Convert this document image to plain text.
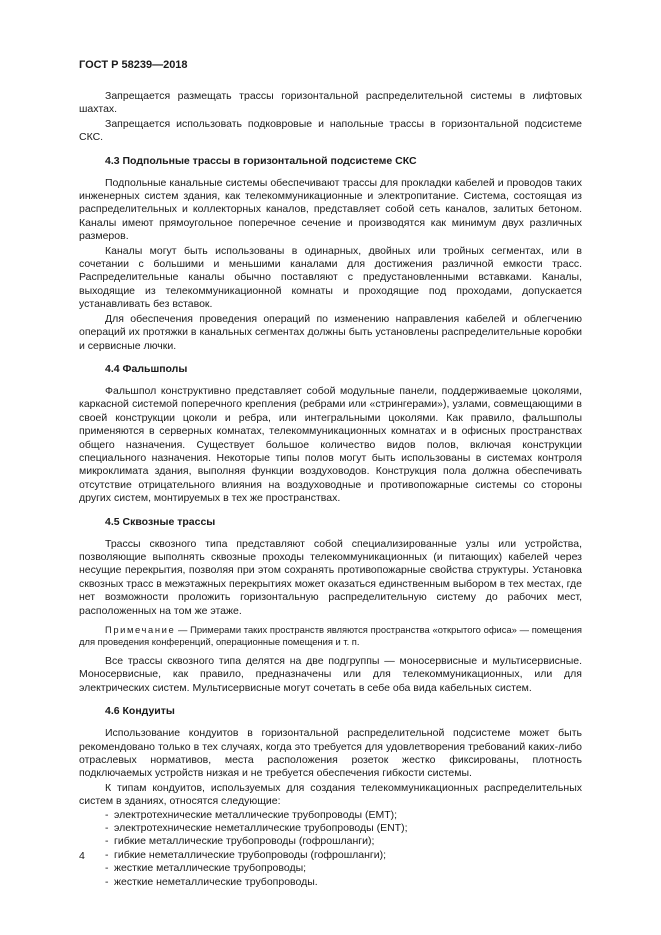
ГОСТ Р 58239—2018

Запрещается размещать трассы горизонтальной распределительной системы в лифтовых шахтах.

Запрещается использовать подковровые и напольные трассы в горизонтальной подсистеме СКС.

4.3 Подпольные трассы в горизонтальной подсистеме СКС

Подпольные канальные системы обеспечивают трассы для прокладки кабелей и проводов таких инженерных систем здания, как телекоммуникационные и электропитание. Система, состоящая из распределительных и коллекторных каналов, представляет собой сеть каналов, залитых бетоном. Каналы имеют прямоугольное поперечное сечение и производятся как минимум двух различных размеров.

Каналы могут быть использованы в одинарных, двойных или тройных сегментах, или в сочетании с большими и меньшими каналами для достижения различной емкости трасс. Распределительные каналы обычно поставляют с предустановленными вставками. Каналы, выходящие из телекоммуникационной комнаты и проходящие под проходами, допускается устанавливать без вставок.

Для обеспечения проведения операций по изменению направления кабелей и облегчению операций их протяжки в канальных сегментах должны быть установлены распределительные коробки и сервисные лючки.

4.4 Фальшполы

Фальшпол конструктивно представляет собой модульные панели, поддерживаемые цоколями, каркасной системой поперечного крепления (ребрами или «стрингерами»), узлами, совмещающими в своей конструкции цоколи и ребра, или интегральными цоколями. Как правило, фальшполы применяются в серверных комнатах, телекоммуникационных комнатах и в офисных пространствах общего назначения. Существует большое количество видов полов, включая конструкции специального назначения. Некоторые типы полов могут быть использованы в системах контроля микроклимата здания, выполняя функции воздуховодов. Конструкция пола должна обеспечивать отсутствие отрицательного влияния на воздуховодные и противопожарные системы со стороны других систем, монтируемых в тех же пространствах.

4.5 Сквозные трассы

Трассы сквозного типа представляют собой специализированные узлы или устройства, позволяющие выполнять сквозные проходы телекоммуникационных (и питающих) кабелей через несущие перекрытия, позволяя при этом сохранять противопожарные свойства структуры. Установка сквозных трасс в межэтажных перекрытиях может оказаться единственным выбором в тех местах, где нет возможности проложить горизонтальную распределительную систему до рабочих мест, расположенных на том же этаже.

Примечание — Примерами таких пространств являются пространства «открытого офиса» — помещения для проведения конференций, операционные помещения и т. п.

Все трассы сквозного типа делятся на две подгруппы — моносервисные и мультисервисные. Моносервисные, как правило, предназначены или для телекоммуникационных, или для электрических систем. Мультисервисные могут сочетать в себе оба вида кабельных систем.

4.6 Кондуиты

Использование кондуитов в горизонтальной распределительной подсистеме может быть рекомендовано только в тех случаях, когда это требуется для удовлетворения требований каких-либо отраслевых нормативов, места расположения розеток жестко фиксированы, плотность подключаемых устройств низкая и не требуется обеспечения гибкости системы.

К типам кондуитов, используемых для создания телекоммуникационных распределительных систем в зданиях, относятся следующие:

- электротехнические металлические трубопроводы (ЕМТ);
- электротехнические неметаллические трубопроводы (ENT);
- гибкие металлические трубопроводы (гофрошланги);
- гибкие неметаллические трубопроводы (гофрошланги);
- жесткие металлические трубопроводы;
- жесткие неметаллические трубопроводы.

4
